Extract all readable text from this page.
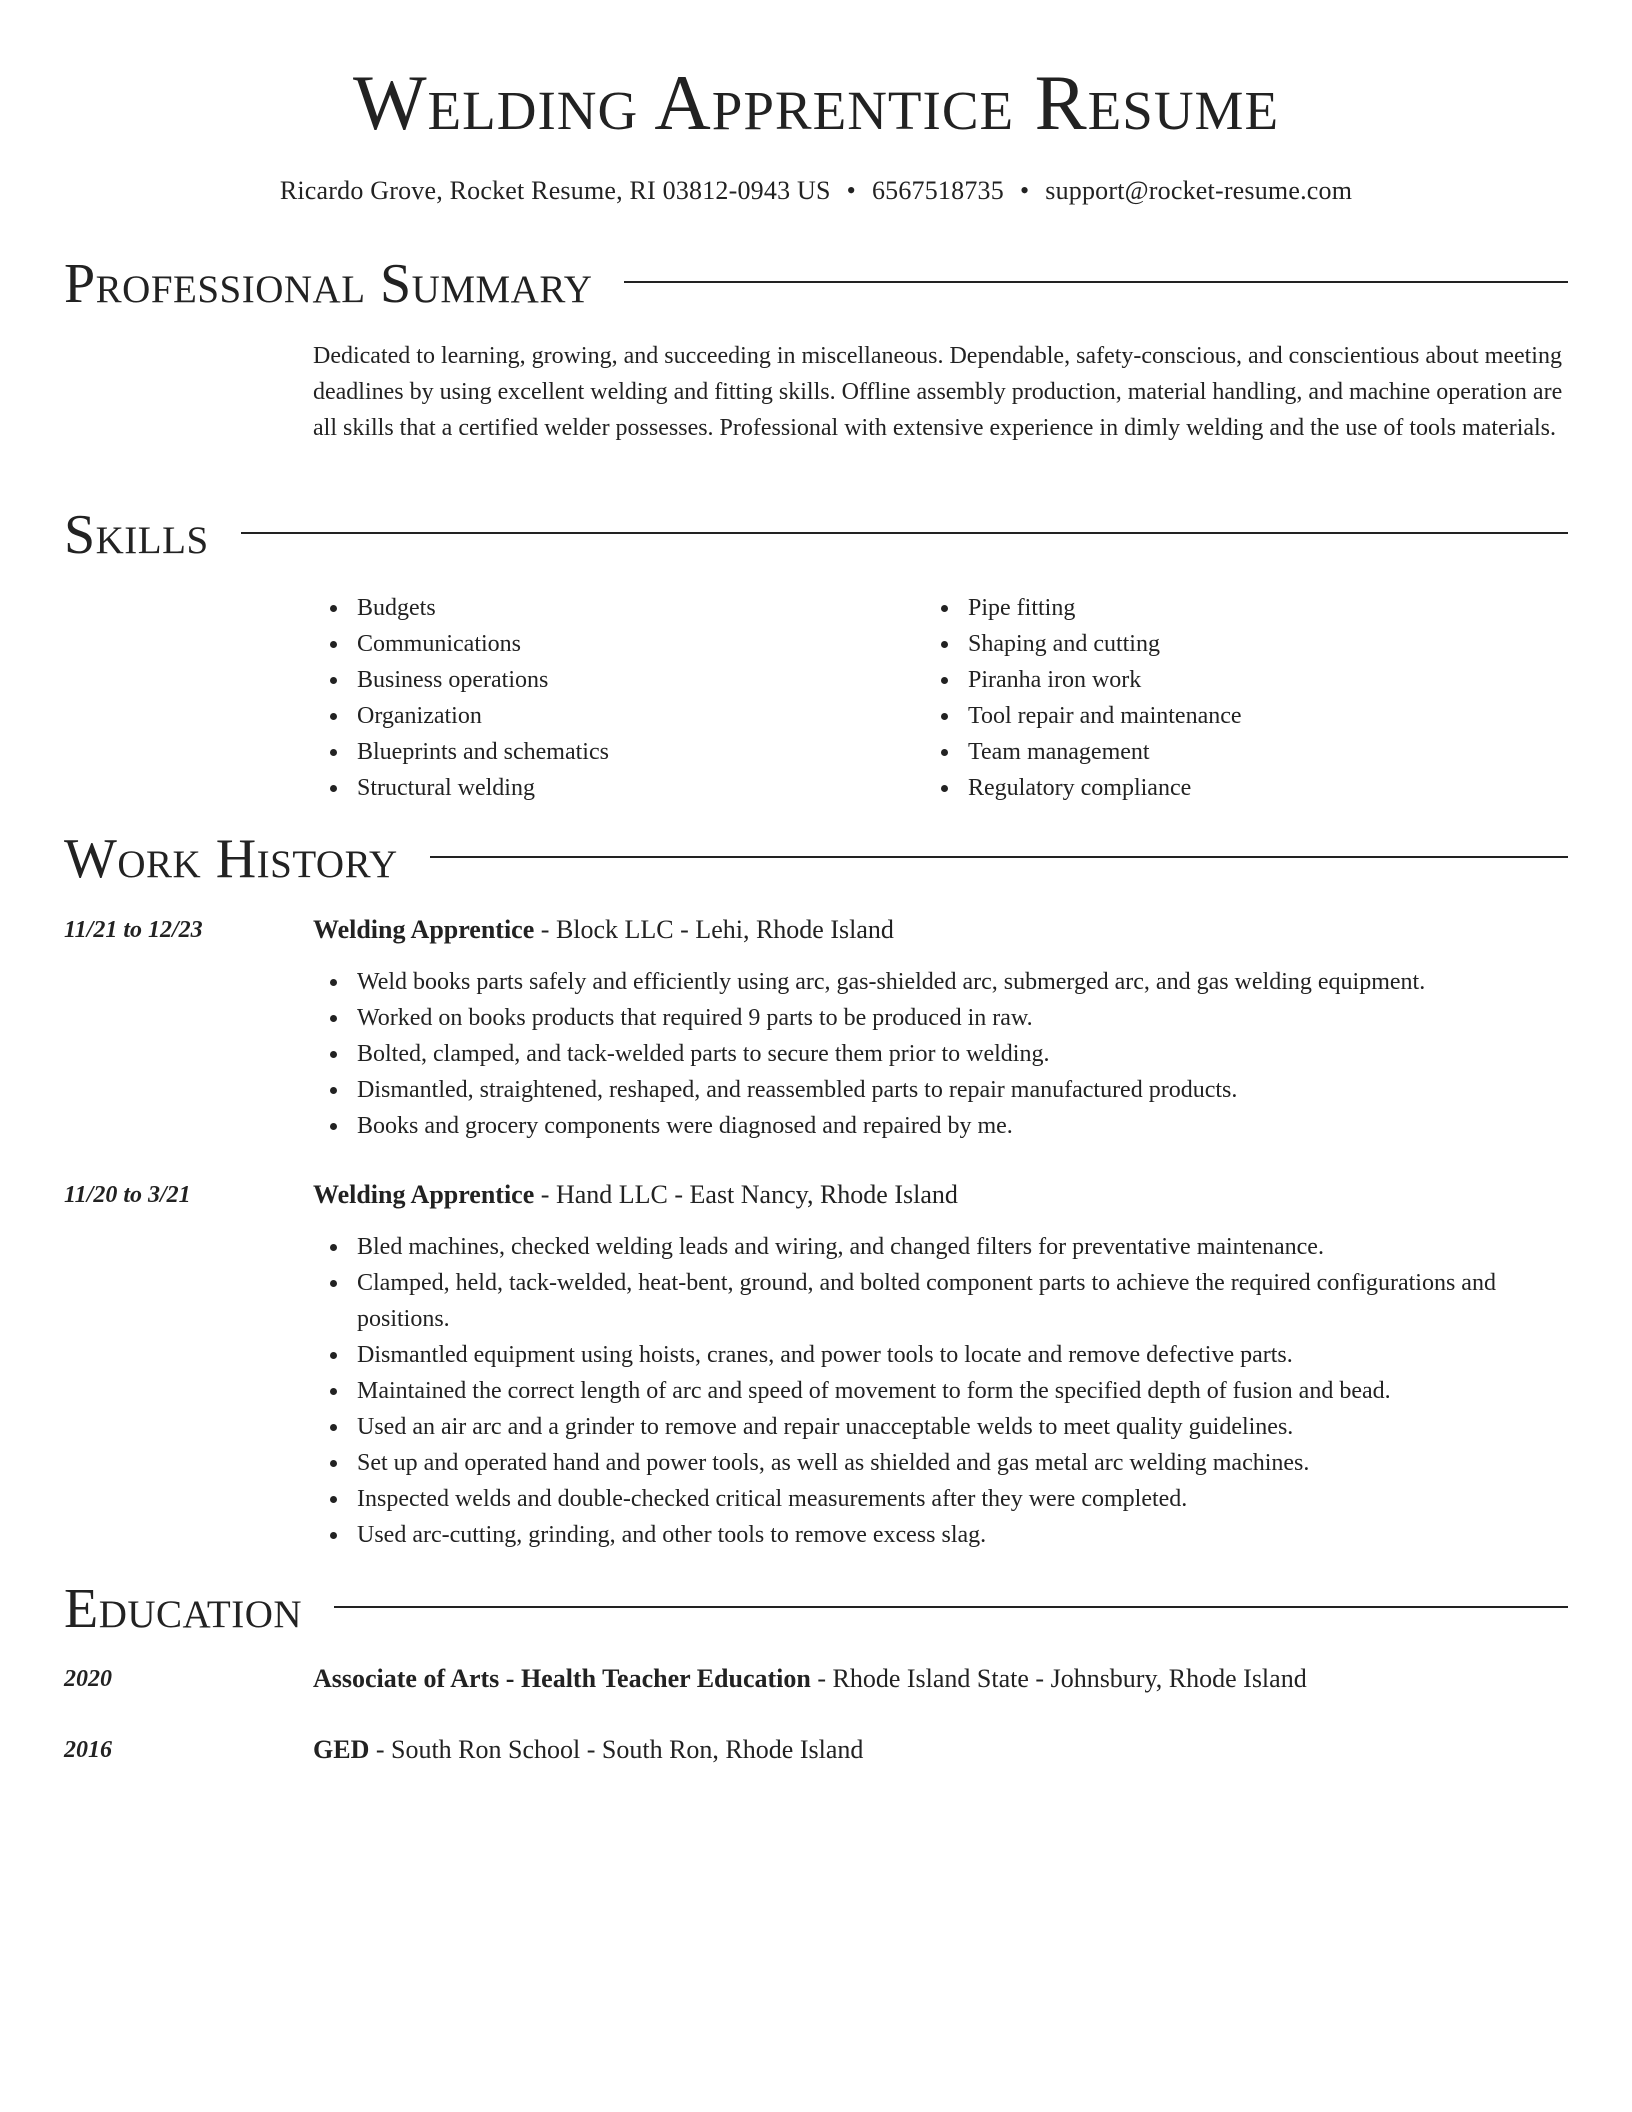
Welding Apprentice Resume
Ricardo Grove, Rocket Resume, RI 03812-0943 US • 6567518735 • support@rocket-resume.com
Professional Summary

Dedicated to learning, growing, and succeeding in miscellaneous. Dependable, safety-conscious, and conscientious about meeting deadlines by using excellent welding and fitting skills. Offline assembly production, material handling, and machine operation are all skills that a certified welder possesses. Professional with extensive experience in dimly welding and the use of tools materials.

Skills
Budgets
Communications
Business operations
Organization
Blueprints and schematics
Structural welding
Pipe fitting
Shaping and cutting
Piranha iron work
Tool repair and maintenance
Team management
Regulatory compliance
Work History
11/21 to 12/23	Welding Apprentice - Block LLC - Lehi, Rhode Island
Weld books parts safely and efficiently using arc, gas-shielded arc, submerged arc, and gas welding equipment.
Worked on books products that required 9 parts to be produced in raw.
Bolted, clamped, and tack-welded parts to secure them prior to welding.
Dismantled, straightened, reshaped, and reassembled parts to repair manufactured products.
Books and grocery components were diagnosed and repaired by me.
11/20 to 3/21	Welding Apprentice - Hand LLC - East Nancy, Rhode Island
Bled machines, checked welding leads and wiring, and changed filters for preventative maintenance.
Clamped, held, tack-welded, heat-bent, ground, and bolted component parts to achieve the required configurations and positions.
Dismantled equipment using hoists, cranes, and power tools to locate and remove defective parts.
Maintained the correct length of arc and speed of movement to form the specified depth of fusion and bead.
Used an air arc and a grinder to remove and repair unacceptable welds to meet quality guidelines.
Set up and operated hand and power tools, as well as shielded and gas metal arc welding machines.
Inspected welds and double-checked critical measurements after they were completed.
Used arc-cutting, grinding, and other tools to remove excess slag.
Education
2020	Associate of Arts - Health Teacher Education - Rhode Island State - Johnsbury, Rhode Island
2016	GED - South Ron School - South Ron, Rhode Island
